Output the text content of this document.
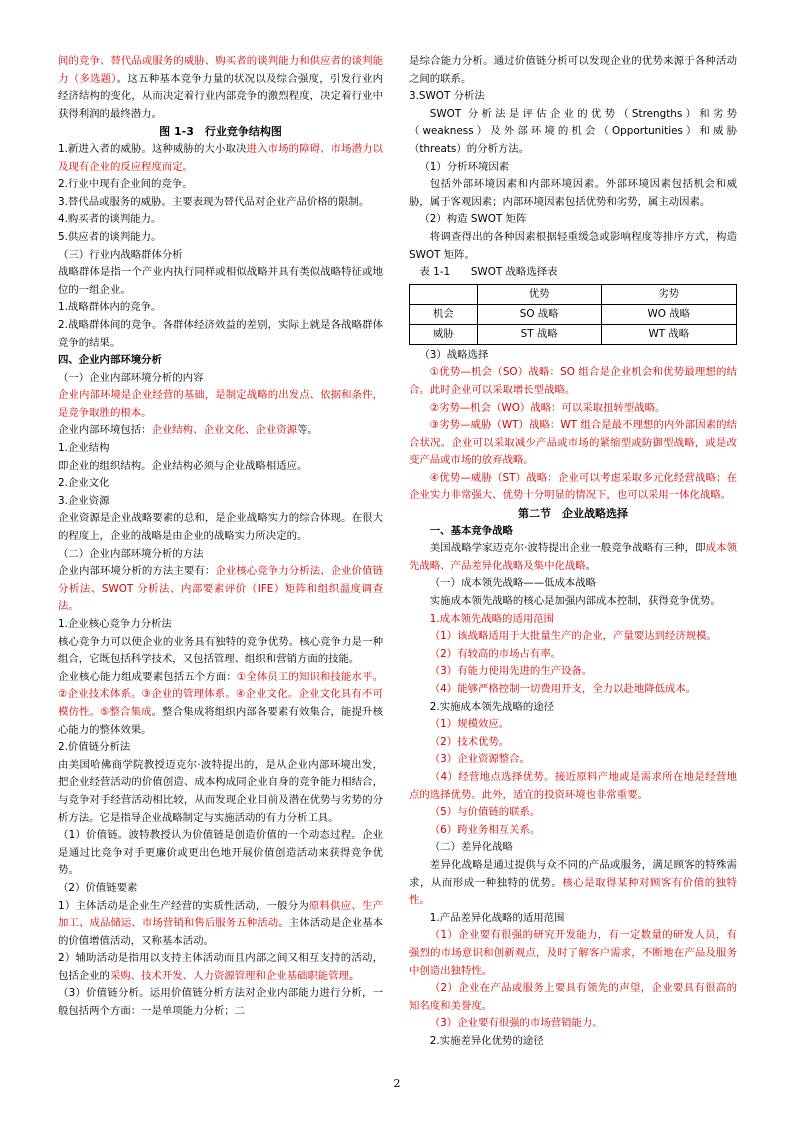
间的竞争、替代品或服务的威胁、购买者的谈判能力和供应者的谈判能力（多选题）。这五种基本竞争力量的状况以及综合强度，引发行业内经济结构的变化，从而决定着行业内部竞争的激烈程度，决定着行业中获得利润的最终潜力。

图 1-3　行业竞争结构图

1.新进入者的威胁。这种威胁的大小取决进入市场的障碍、市场潜力以及现有企业的反应程度而定。

2.行业中现有企业间的竞争。

3.替代品或服务的威胁。主要表现为替代品对企业产品价格的限制。

4.购买者的谈判能力。

5.供应者的谈判能力。

（三）行业内战略群体分析

战略群体是指一个产业内执行同样或相似战略并具有类似战略特征或地位的一组企业。

1.战略群体内的竞争。

2.战略群体间的竞争。各群体经济效益的差别，实际上就是各战略群体竞争的结果。

四、企业内部环境分析

（一）企业内部环境分析的内容

企业内部环境是企业经营的基础，是制定战略的出发点、依据和条件，是竞争取胜的根本。

企业内部环境包括：企业结构、企业文化、企业资源等。

1.企业结构

即企业的组织结构。企业结构必须与企业战略相适应。

2.企业文化

3.企业资源

企业资源是企业战略要素的总和，是企业战略实力的综合体现。在很大的程度上，企业的战略是由企业的战略实力所决定的。

（二）企业内部环境分析的方法

企业内部环境分析的方法主要有：企业核心竞争力分析法、企业价值链分析法、SWOT 分析法、内部要素评价（IFE）矩阵和组织温度调查法。

1.企业核心竞争力分析法

核心竞争力可以使企业的业务具有独特的竞争优势。核心竞争力是一种组合，它既包括科学技术，又包括管理、组织和营销方面的技能。

企业核心能力组成要素包括五个方面：①全体员工的知识和技能水平。②企业技术体系。③企业的管理体系。④企业文化。企业文化具有不可模仿性。⑤整合集成。整合集成将组织内部各要素有效集合，能提升核心能力的整体效果。

2.价值链分析法

由美国哈佛商学院教授迈克尔·波特提出的，是从企业内部环境出发，把企业经营活动的价值创造、成本构成同企业自身的竞争能力相结合，与竞争对手经营活动相比较，从而发现企业目前及潜在优势与劣势的分析方法。它是指导企业战略制定与实施活动的有力分析工具。

（1）价值链。波特教授认为价值链是创造价值的一个动态过程。企业是通过比竞争对手更廉价或更出色地开展价值创造活动来获得竞争优势。

（2）价值链要素

1）主体活动是企业生产经营的实质性活动，一般分为原料供应、生产加工、成品储运、市场营销和售后服务五种活动。主体活动是企业基本的价值增值活动，又称基本活动。

2）辅助活动是指用以支持主体活动而且内部之间又相互支持的活动，包括企业的采购、技术开发、人力资源管理和企业基础职能管理。

（3）价值链分析。运用价值链分析方法对企业内部能力进行分析，一般包括两个方面：一是单项能力分析；二

是综合能力分析。通过价值链分析可以发现企业的优势来源于各种活动之间的联系。

3.SWOT 分析法

SWOT 分析法是评估企业的优势（Strengths）和劣势（weakness）及外部环境的机会（Opportunities）和威胁（threats）的分析方法。

（1）分析环境因素

包括外部环境因素和内部环境因素。外部环境因素包括机会和威胁，属于客观因素；内部环境因素包括优势和劣势，属主动因素。

（2）构造 SWOT 矩阵

将调查得出的各种因素根据轻重缓急或影响程度等排序方式，构造 SWOT 矩阵。

表 1-1　　SWOT 战略选择表

	优势	劣势
机会	SO 战略	WO 战略
威胁	ST 战略	WT 战略

（3）战略选择

①优势—机会（SO）战略：SO 组合是企业机会和优势最理想的结合。此时企业可以采取增长型战略。

②劣势—机会（WO）战略：可以采取扭转型战略。

③劣势—威胁（WT）战略：WT 组合是最不理想的内外部因素的结合状况。企业可以采取减少产品或市场的紧缩型或防御型战略，或是改变产品或市场的放弃战略。

④优势—威胁（ST）战略：企业可以考虑采取多元化经营战略；在企业实力非常强大、优势十分明显的情况下，也可以采用一体化战略。

第二节　企业战略选择

一、基本竞争战略

美国战略学家迈克尔·波特提出企业一般竞争战略有三种，即成本领先战略、产品差异化战略及集中化战略。

（一）成本领先战略——低成本战略

实施成本领先战略的核心是加强内部成本控制，获得竞争优势。

1.成本领先战略的适用范围

（1）该战略适用于大批量生产的企业，产量要达到经济规模。

（2）有较高的市场占有率。

（3）有能力使用先进的生产设备。

（4）能够严格控制一切费用开支，全力以赴地降低成本。

2.实施成本领先战略的途径

（1）规模效应。

（2）技术优势。

（3）企业资源整合。

（4）经营地点选择优势。接近原料产地或是需求所在地是经营地点的选择优势。此外，适宜的投资环境也非常重要。

（5）与价值链的联系。

（6）跨业务相互关系。

（二）差异化战略

差异化战略是通过提供与众不同的产品或服务，满足顾客的特殊需求，从而形成一种独特的优势。核心是取得某种对顾客有价值的独特性。

1.产品差异化战略的适用范围

（1）企业要有很强的研究开发能力，有一定数量的研发人员，有强烈的市场意识和创新观点，及时了解客户需求，不断地在产品及服务中创造出独特性。

（2）企业在产品或服务上要具有领先的声望，企业要具有很高的知名度和美誉度。

（3）企业要有很强的市场营销能力。

2.实施差异化优势的途径

2
